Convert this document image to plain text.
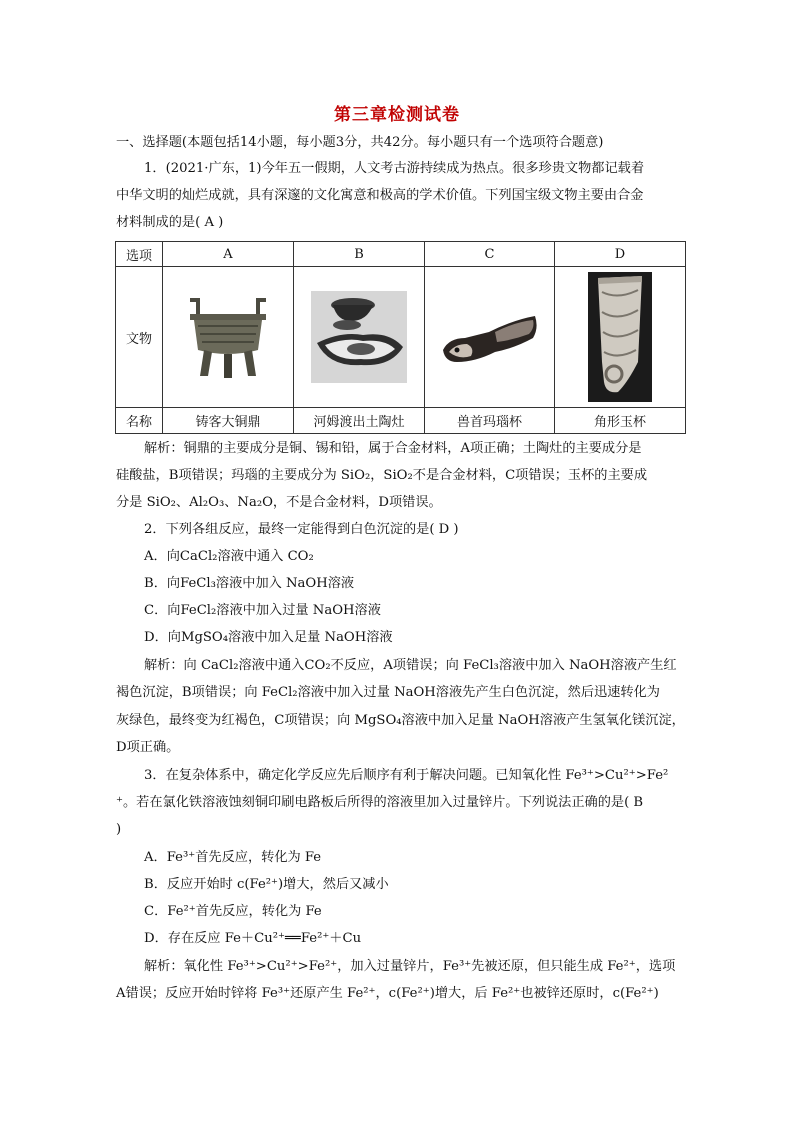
第三章检测试卷
一、选择题(本题包括14小题，每小题3分，共42分。每小题只有一个选项符合题意)
1．(2021·广东，1)今年五一假期，人文考古游持续成为热点。很多珍贵文物都记载着
中华文明的灿烂成就，具有深邃的文化寓意和极高的学术价值。下列国宝级文物主要由合金
材料制成的是( A )
选项	A	B	C	D
文物	

名称	铸客大铜鼎	河姆渡出土陶灶	兽首玛瑙杯	角形玉杯
解析：铜鼎的主要成分是铜、锡和铅，属于合金材料，A项正确；土陶灶的主要成分是
硅酸盐，B项错误；玛瑙的主要成分为 SiO₂，SiO₂不是合金材料，C项错误；玉杯的主要成
分是 SiO₂、Al₂O₃、Na₂O，不是合金材料，D项错误。
2．下列各组反应，最终一定能得到白色沉淀的是( D )
A．向CaCl₂溶液中通入 CO₂
B．向FeCl₃溶液中加入 NaOH溶液
C．向FeCl₂溶液中加入过量 NaOH溶液
D．向MgSO₄溶液中加入足量 NaOH溶液
解析：向 CaCl₂溶液中通入CO₂不反应，A项错误；向 FeCl₃溶液中加入 NaOH溶液产生红
褐色沉淀，B项错误；向 FeCl₂溶液中加入过量 NaOH溶液先产生白色沉淀，然后迅速转化为
灰绿色，最终变为红褐色，C项错误；向 MgSO₄溶液中加入足量 NaOH溶液产生氢氧化镁沉淀，
D项正确。
3．在复杂体系中，确定化学反应先后顺序有利于解决问题。已知氧化性 Fe³⁺>Cu²⁺>Fe²
⁺。若在氯化铁溶液蚀刻铜印刷电路板后所得的溶液里加入过量锌片。下列说法正确的是( B
)
A．Fe³⁺首先反应，转化为 Fe
B．反应开始时 c(Fe²⁺)增大，然后又减小
C．Fe²⁺首先反应，转化为 Fe
D．存在反应 Fe＋Cu²⁺══Fe²⁺＋Cu
解析：氧化性 Fe³⁺>Cu²⁺>Fe²⁺，加入过量锌片，Fe³⁺先被还原，但只能生成 Fe²⁺，选项
A错误；反应开始时锌将 Fe³⁺还原产生 Fe²⁺，c(Fe²⁺)增大，后 Fe²⁺也被锌还原时，c(Fe²⁺)
